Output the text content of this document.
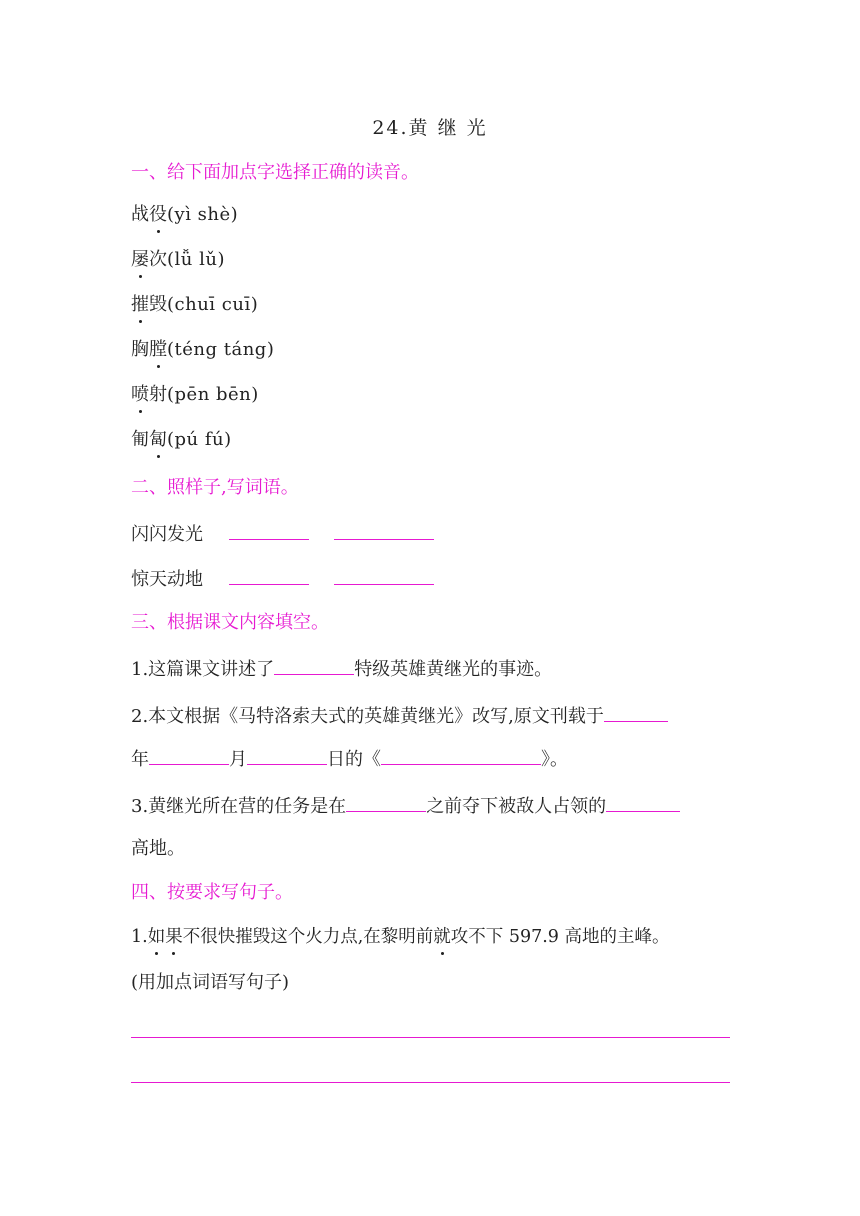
24.黄 继 光
一、给下面加点字选择正确的读音。
战役(yì shè)
屡次(lǚ lǔ)
摧毁(chuī cuī)
胸膛(téng táng)
喷射(pēn bēn)
匍匐(pú fú)
二、照样子,写词语。
闪闪发光
惊天动地
三、根据课文内容填空。
1.这篇课文讲述了	特级英雄黄继光的事迹。
2.本文根据《马特洛索夫式的英雄黄继光》改写,原文刊载于
年	月	日的《	》。
3.黄继光所在营的任务是在	之前夺下被敌人占领的
高地。
四、按要求写句子。
1.如果不很快摧毁这个火力点,在黎明前就攻不下 597.9 高地的主峰。
(用加点词语写句子)
